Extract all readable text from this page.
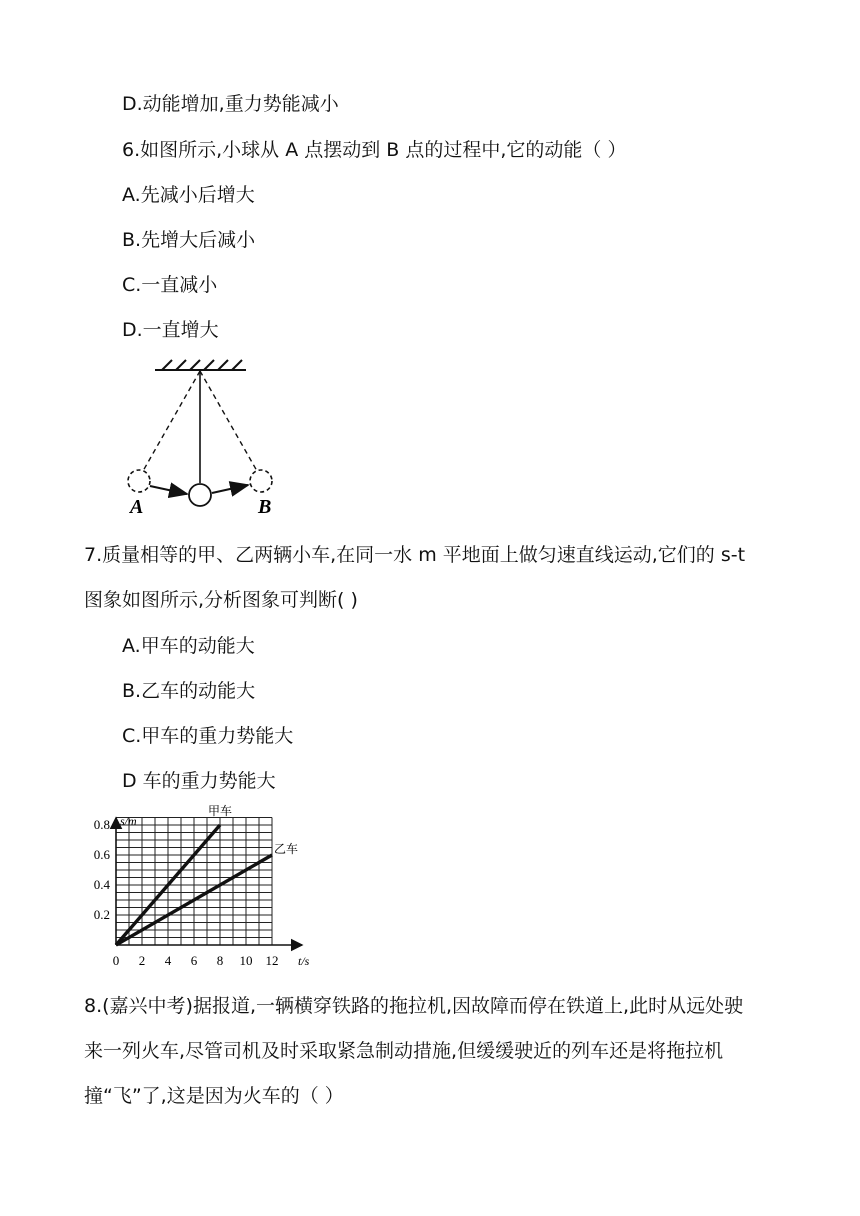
D.动能增加,重力势能减小
6.如图所示,小球从 A 点摆动到 B 点的过程中,它的动能（ ）
A.先减小后增大
B.先增大后减小
C.一直减小
D.一直增大
A	B
7.质量相等的甲、乙两辆小车,在同一水 m 平地面上做匀速直线运动,它们的 s-t
图象如图所示,分析图象可判断( )
A.甲车的动能大
B.乙车的动能大
C.甲车的重力势能大
D 车的重力势能大
0 2 4 6 8 10 12
0.2
0.4
0.6
0.8 s/m
t/s
甲车
乙车
8.(嘉兴中考)据报道,一辆横穿铁路的拖拉机,因故障而停在铁道上,此时从远处驶
来一列火车,尽管司机及时采取紧急制动措施,但缓缓驶近的列车还是将拖拉机
撞“飞”了,这是因为火车的（ ）
